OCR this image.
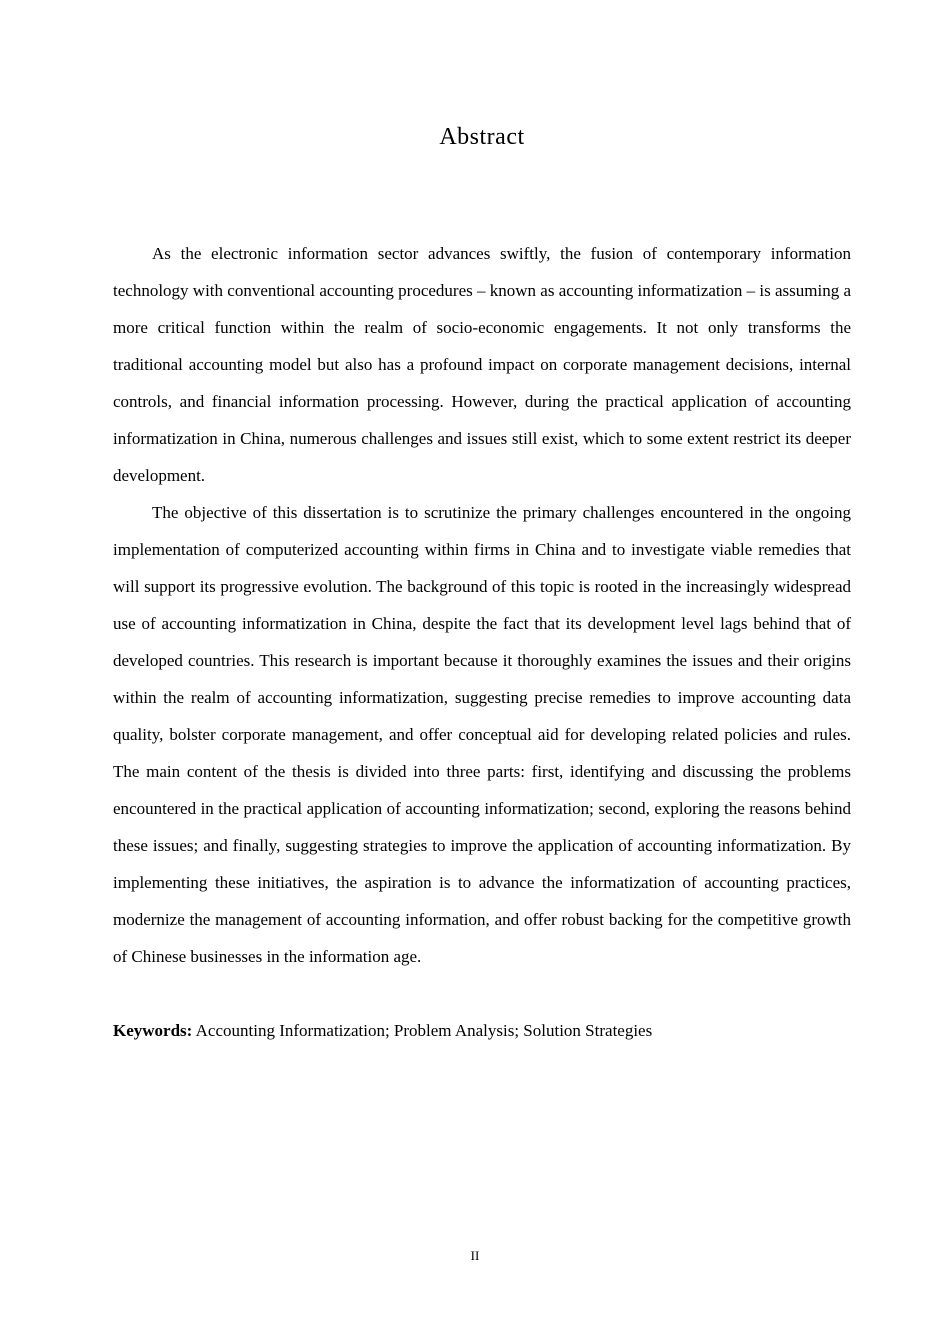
Abstract

As the electronic information sector advances swiftly, the fusion of contemporary information technology with conventional accounting procedures – known as accounting informatization – is assuming a more critical function within the realm of socio-economic engagements. It not only transforms the traditional accounting model but also has a profound impact on corporate management decisions, internal controls, and financial information processing. However, during the practical application of accounting informatization in China, numerous challenges and issues still exist, which to some extent restrict its deeper development.

The objective of this dissertation is to scrutinize the primary challenges encountered in the ongoing implementation of computerized accounting within firms in China and to investigate viable remedies that will support its progressive evolution. The background of this topic is rooted in the increasingly widespread use of accounting informatization in China, despite the fact that its development level lags behind that of developed countries. This research is important because it thoroughly examines the issues and their origins within the realm of accounting informatization, suggesting precise remedies to improve accounting data quality, bolster corporate management, and offer conceptual aid for developing related policies and rules. The main content of the thesis is divided into three parts: first, identifying and discussing the problems encountered in the practical application of accounting informatization; second, exploring the reasons behind these issues; and finally, suggesting strategies to improve the application of accounting informatization. By implementing these initiatives, the aspiration is to advance the informatization of accounting practices, modernize the management of accounting information, and offer robust backing for the competitive growth of Chinese businesses in the information age.

Keywords: Accounting Informatization; Problem Analysis; Solution Strategies
II
